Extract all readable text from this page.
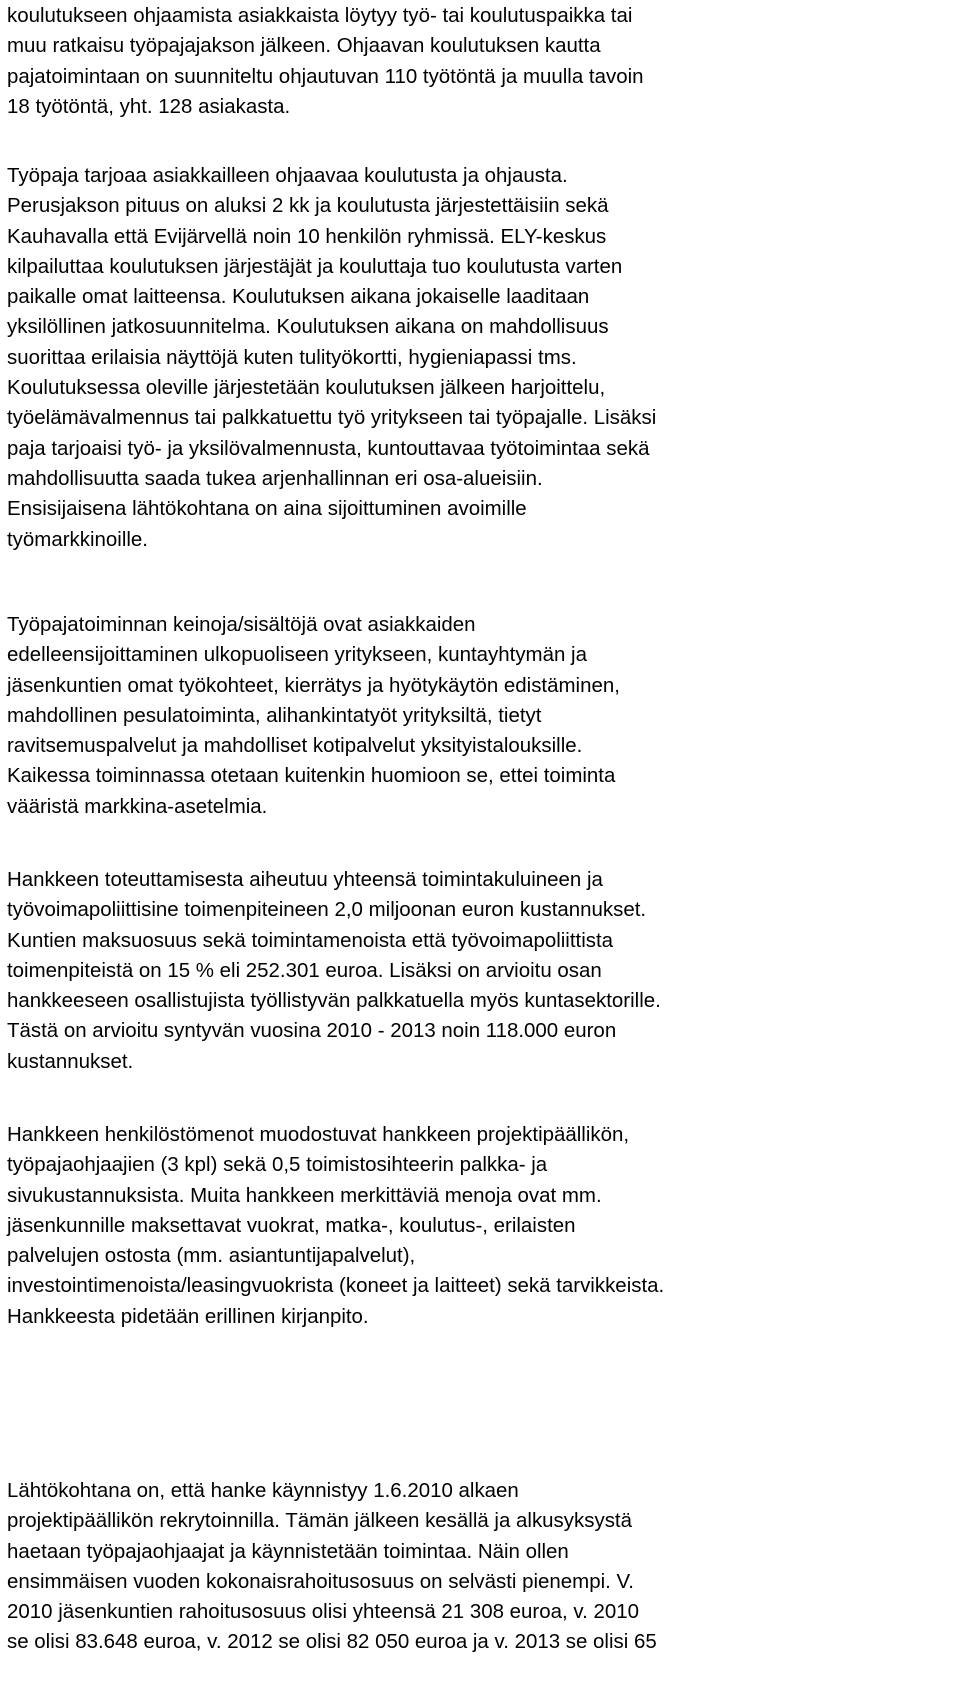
koulutukseen ohjaamista asiakkaista löytyy työ- tai koulutuspaikka tai
muu ratkaisu työpajajakson jälkeen. Ohjaavan koulutuksen kautta
pajatoimintaan on suunniteltu ohjautuvan 110 työtöntä ja muulla tavoin
18 työtöntä, yht. 128 asiakasta.
Työpaja tarjoaa asiakkailleen ohjaavaa koulutusta ja ohjausta.
Perusjakson pituus on aluksi 2 kk ja koulutusta järjestettäisiin sekä
Kauhavalla että Evijärvellä noin 10 henkilön ryhmissä. ELY-keskus
kilpailuttaa koulutuksen järjestäjät ja kouluttaja tuo koulutusta varten
paikalle omat laitteensa. Koulutuksen aikana jokaiselle laaditaan
yksilöllinen jatkosuunnitelma. Koulutuksen aikana on mahdollisuus
suorittaa erilaisia näyttöjä kuten tulityökortti, hygieniapassi tms.
Koulutuksessa oleville järjestetään koulutuksen jälkeen harjoittelu,
työelämävalmennus tai palkkatuettu työ yritykseen tai työpajalle. Lisäksi
paja tarjoaisi työ- ja yksilövalmennusta, kuntouttavaa työtoimintaa sekä
mahdollisuutta saada tukea arjenhallinnan eri osa-alueisiin.
Ensisijaisena lähtökohtana on aina sijoittuminen avoimille
työmarkkinoille.
Työpajatoiminnan keinoja/sisältöjä ovat asiakkaiden
edelleensijoittaminen ulkopuoliseen yritykseen, kuntayhtymän ja
jäsenkuntien omat työkohteet, kierrätys ja hyötykäytön edistäminen,
mahdollinen pesulatoiminta, alihankintatyöt yrityksiltä, tietyt
ravitsemuspalvelut ja mahdolliset kotipalvelut yksityistalouksille.
Kaikessa toiminnassa otetaan kuitenkin huomioon se, ettei toiminta
vääristä markkina-asetelmia.
Hankkeen toteuttamisesta aiheutuu yhteensä toimintakuluineen ja
työvoimapoliittisine toimenpiteineen 2,0 miljoonan euron kustannukset.
Kuntien maksuosuus sekä toimintamenoista että työvoimapoliittista
toimenpiteistä on 15 % eli 252.301 euroa. Lisäksi on arvioitu osan
hankkeeseen osallistujista työllistyvän palkkatuella myös kuntasektorille.
Tästä on arvioitu syntyvän vuosina 2010 - 2013 noin 118.000 euron
kustannukset.
Hankkeen henkilöstömenot muodostuvat hankkeen projektipäällikön,
työpajaohjaajien (3 kpl) sekä 0,5 toimistosihteerin palkka- ja
sivukustannuksista. Muita hankkeen merkittäviä menoja ovat mm.
jäsenkunnille maksettavat vuokrat, matka-, koulutus-, erilaisten
palvelujen ostosta (mm. asiantuntijapalvelut),
investointimenoista/leasingvuokrista (koneet ja laitteet) sekä tarvikkeista.
Hankkeesta pidetään erillinen kirjanpito.
Lähtökohtana on, että hanke käynnistyy 1.6.2010 alkaen
projektipäällikön rekrytoinnilla. Tämän jälkeen kesällä ja alkusyksystä
haetaan työpajaohjaajat ja käynnistetään toimintaa. Näin ollen
ensimmäisen vuoden kokonaisrahoitusosuus on selvästi pienempi. V.
2010 jäsenkuntien rahoitusosuus olisi yhteensä 21 308 euroa, v. 2010
se olisi 83.648 euroa, v. 2012 se olisi 82 050 euroa ja v. 2013 se olisi 65
